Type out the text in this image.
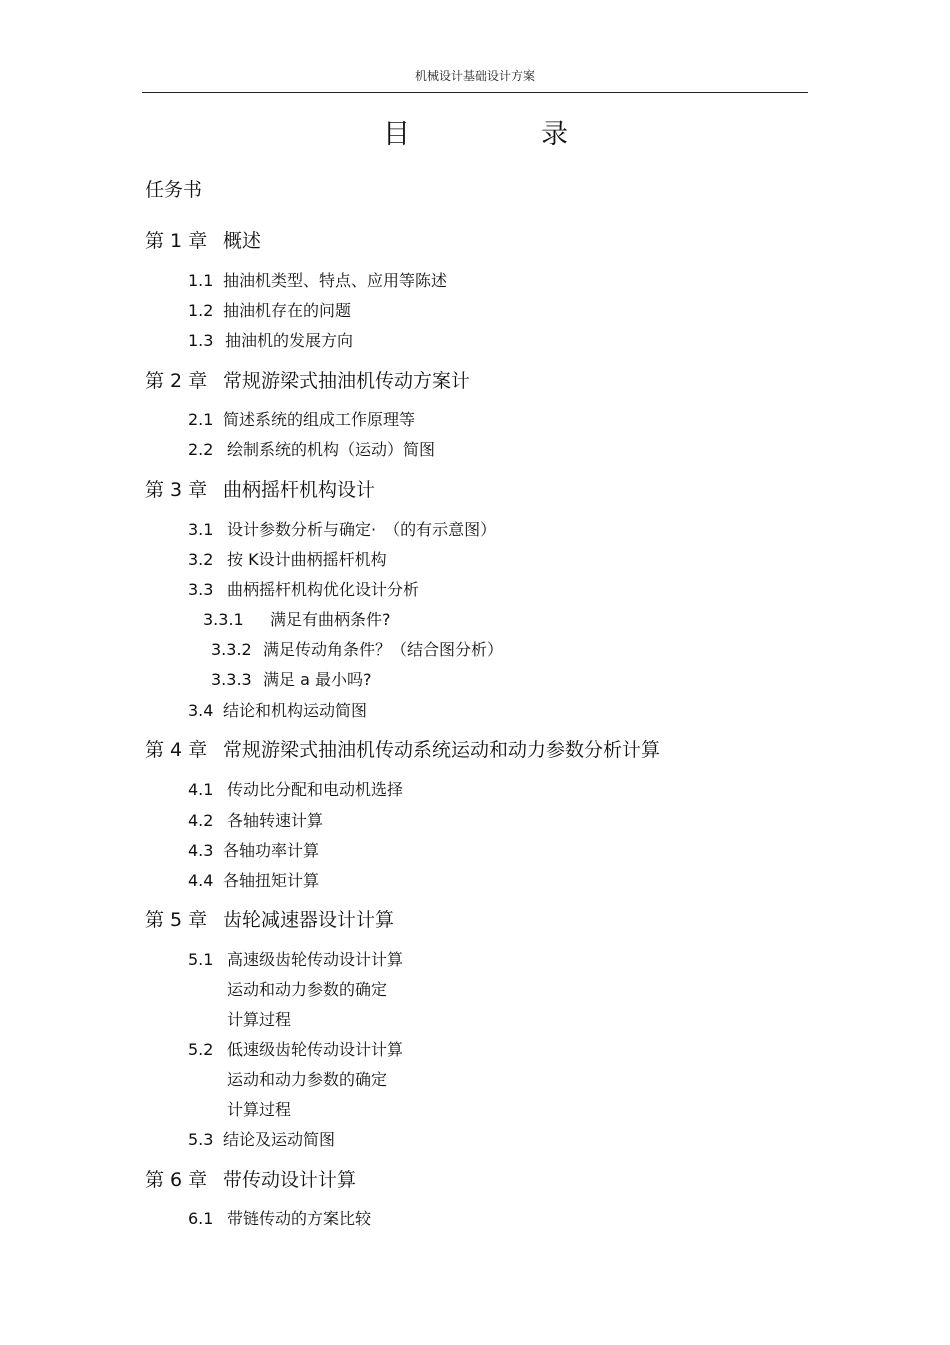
机械设计基础设计方案
目	录
任务书
第 1 章 概述
1.1 抽油机类型、特点、应用等陈述
1.2 抽油机存在的问题
1.3 抽油机的发展方向
第 2 章 常规游梁式抽油机传动方案计
2.1 简述系统的组成工作原理等
2.2 绘制系统的机构（运动）简图
第 3 章 曲柄摇杆机构设计
3.1 设计参数分析与确定·　（的有示意图）
3.2 按 K设计曲柄摇杆机构
3.3 曲柄摇杆机构优化设计分析
3.3.1 满足有曲柄条件?
3.3.2 满足传动角条件？（结合图分析）
3.3.3 满足 a 最小吗?
3.4 结论和机构运动简图
第 4 章 常规游梁式抽油机传动系统运动和动力参数分析计算
4.1 传动比分配和电动机选择
4.2 各轴转速计算
4.3 各轴功率计算
4.4 各轴扭矩计算
第 5 章 齿轮减速器设计计算
5.1 高速级齿轮传动设计计算
运动和动力参数的确定
计算过程
5.2 低速级齿轮传动设计计算
运动和动力参数的确定
计算过程
5.3 结论及运动简图
第 6 章 带传动设计计算
6.1 带链传动的方案比较
